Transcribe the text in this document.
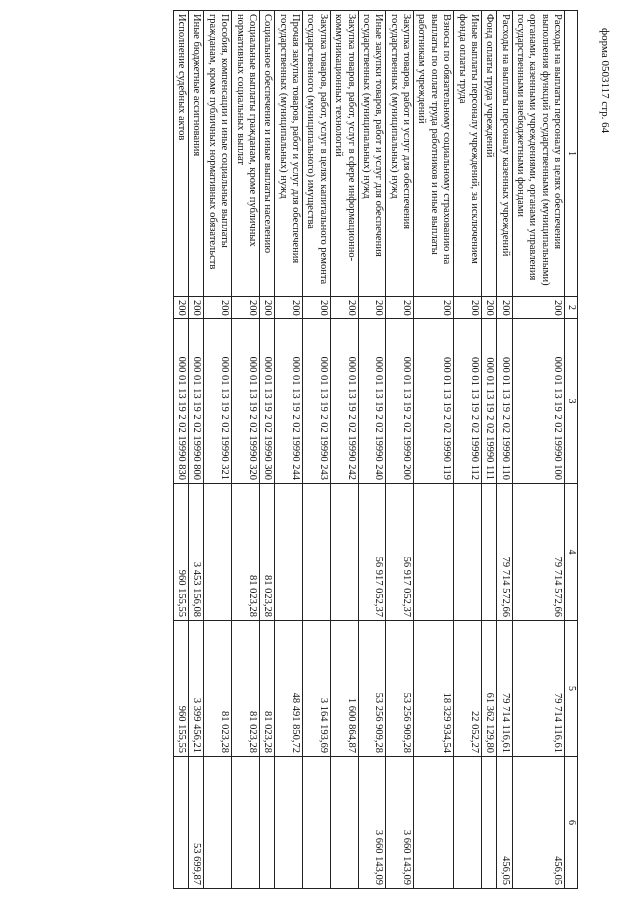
форма 0503117 стр. 64
1	2	3	4	5	6
Расходы на выплаты персоналу в целях обеспечения выполнения функций государственными (муниципальными) органами, казенными учреждениями, органами управления государственными внебюджетными фондами	200	000 01 13 19 2 02 19990 100	79 714 572,66	79 714 116,61	456,05
Расходы на выплаты персоналу казенных учреждений	200	000 01 13 19 2 02 19990 110	79 714 572,66	79 714 116,61	456,05
Фонд оплаты труда учреждений	200	000 01 13 19 2 02 19990 111		61 362 129,80	
Иные выплаты персоналу учреждений, за исключением фонда оплаты труда	200	000 01 13 19 2 02 19990 112		22 052,27	
Взносы по обязательному социальному страхованию на выплаты по оплате труда работников и иные выплаты работникам учреждений	200	000 01 13 19 2 02 19990 119		18 329 934,54	
Закупка товаров, работ и услуг для обеспечения государственных (муниципальных) нужд	200	000 01 13 19 2 02 19990 200	56 917 052,37	53 256 909,28	3 660 143,09
Иные закупки товаров, работ и услуг для обеспечения государственных (муниципальных) нужд	200	000 01 13 19 2 02 19990 240	56 917 052,37	53 256 909,28	3 660 143,09
Закупка товаров, работ, услуг в сфере информационно-коммуникационных технологий	200	000 01 13 19 2 02 19990 242		1 600 864,87	
Закупка товаров, работ, услуг в целях капитального ремонта государственного (муниципального) имущества	200	000 01 13 19 2 02 19990 243		3 164 193,69	
Прочая закупка товаров, работ и услуг для обеспечения государственных (муниципальных) нужд	200	000 01 13 19 2 02 19990 244		48 491 850,72	
Социальное обеспечение и иные выплаты населению	200	000 01 13 19 2 02 19990 300	81 023,28	81 023,28	
Социальные выплаты гражданам, кроме публичных нормативных социальных выплат	200	000 01 13 19 2 02 19990 320	81 023,28	81 023,28	
Пособия, компенсации и иные социальные выплаты гражданам, кроме публичных нормативных обязательств	200	000 01 13 19 2 02 19990 321		81 023,28	
Иные бюджетные ассигнования	200	000 01 13 19 2 02 19990 800	3 453 156,08	3 399 456,21	53 699,87
Исполнение судебных актов	200	000 01 13 19 2 02 19990 830	960 155,55	960 155,55	
